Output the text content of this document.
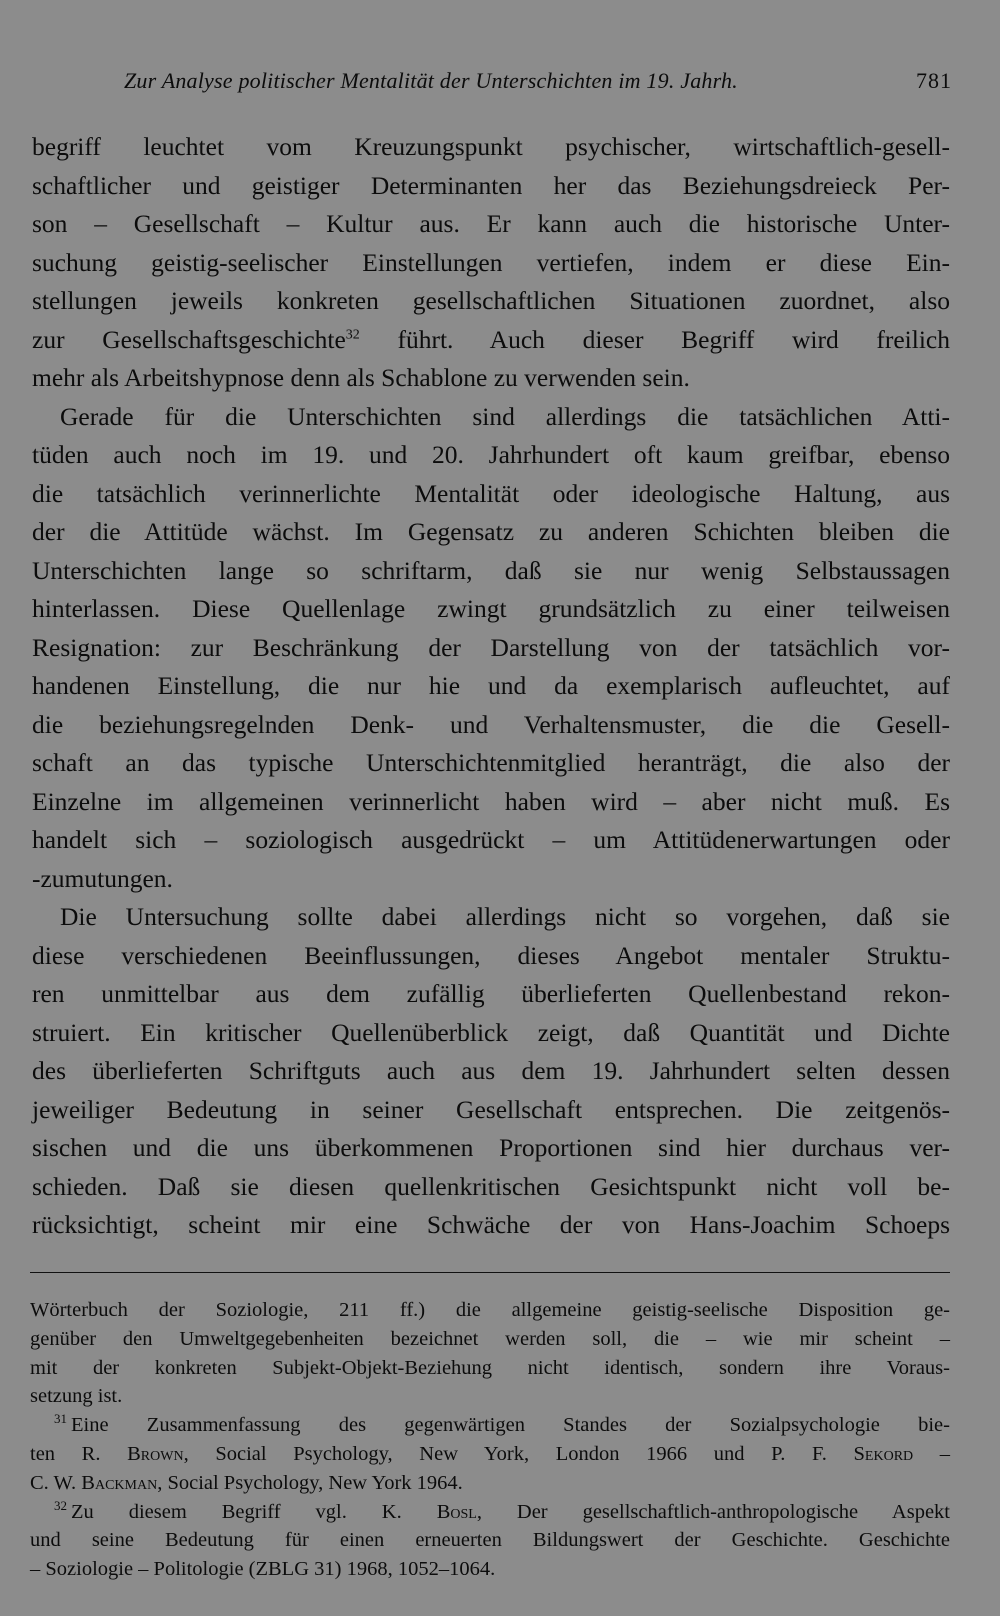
Zur Analyse politischer Mentalität der Unterschichten im 19. Jahrh.	781
begriff leuchtet vom Kreuzungspunkt psychischer, wirtschaftlich-gesell-
schaftlicher und geistiger Determinanten her das Beziehungsdreieck Per-
son – Gesellschaft – Kultur aus. Er kann auch die historische Unter-
suchung geistig-seelischer Einstellungen vertiefen, indem er diese Ein-
stellungen jeweils konkreten gesellschaftlichen Situationen zuordnet, also
zur Gesellschaftsgeschichte$^{32}$ führt. Auch dieser Begriff wird freilich
mehr als Arbeitshypnose denn als Schablone zu verwenden sein.
Gerade für die Unterschichten sind allerdings die tatsächlichen Atti-
tüden auch noch im 19. und 20. Jahrhundert oft kaum greifbar, ebenso
die tatsächlich verinnerlichte Mentalität oder ideologische Haltung, aus
der die Attitüde wächst. Im Gegensatz zu anderen Schichten bleiben die
Unterschichten lange so schriftarm, daß sie nur wenig Selbstaussagen
hinterlassen. Diese Quellenlage zwingt grundsätzlich zu einer teilweisen
Resignation: zur Beschränkung der Darstellung von der tatsächlich vor-
handenen Einstellung, die nur hie und da exemplarisch aufleuchtet, auf
die beziehungsregelnden Denk- und Verhaltensmuster, die die Gesell-
schaft an das typische Unterschichtenmitglied heranträgt, die also der
Einzelne im allgemeinen verinnerlicht haben wird – aber nicht muß. Es
handelt sich – soziologisch ausgedrückt – um Attitüdenerwartungen oder
-zumutungen.
Die Untersuchung sollte dabei allerdings nicht so vorgehen, daß sie
diese verschiedenen Beeinflussungen, dieses Angebot mentaler Struktu-
ren unmittelbar aus dem zufällig überlieferten Quellenbestand rekon-
struiert. Ein kritischer Quellenüberblick zeigt, daß Quantität und Dichte
des überlieferten Schriftguts auch aus dem 19. Jahrhundert selten dessen
jeweiliger Bedeutung in seiner Gesellschaft entsprechen. Die zeitgenös-
sischen und die uns überkommenen Proportionen sind hier durchaus ver-
schieden. Daß sie diesen quellenkritischen Gesichtspunkt nicht voll be-
rücksichtigt, scheint mir eine Schwäche der von Hans-Joachim Schoeps
Wörterbuch der Soziologie, 211 ff.) die allgemeine geistig-seelische Disposition ge-
genüber den Umweltgegebenheiten bezeichnet werden soll, die – wie mir scheint –
mit der konkreten Subjekt-Objekt-Beziehung nicht identisch, sondern ihre Voraus-
setzung ist.
$^{31}$ Eine Zusammenfassung des gegenwärtigen Standes der Sozialpsychologie bie-
ten R. Brown, Social Psychology, New York, London 1966 und P. F. Sekord –
C. W. Backman, Social Psychology, New York 1964.
$^{32}$ Zu diesem Begriff vgl. K. Bosl, Der gesellschaftlich-anthropologische Aspekt
und seine Bedeutung für einen erneuerten Bildungswert der Geschichte. Geschichte
– Soziologie – Politologie (ZBLG 31) 1968, 1052–1064.
